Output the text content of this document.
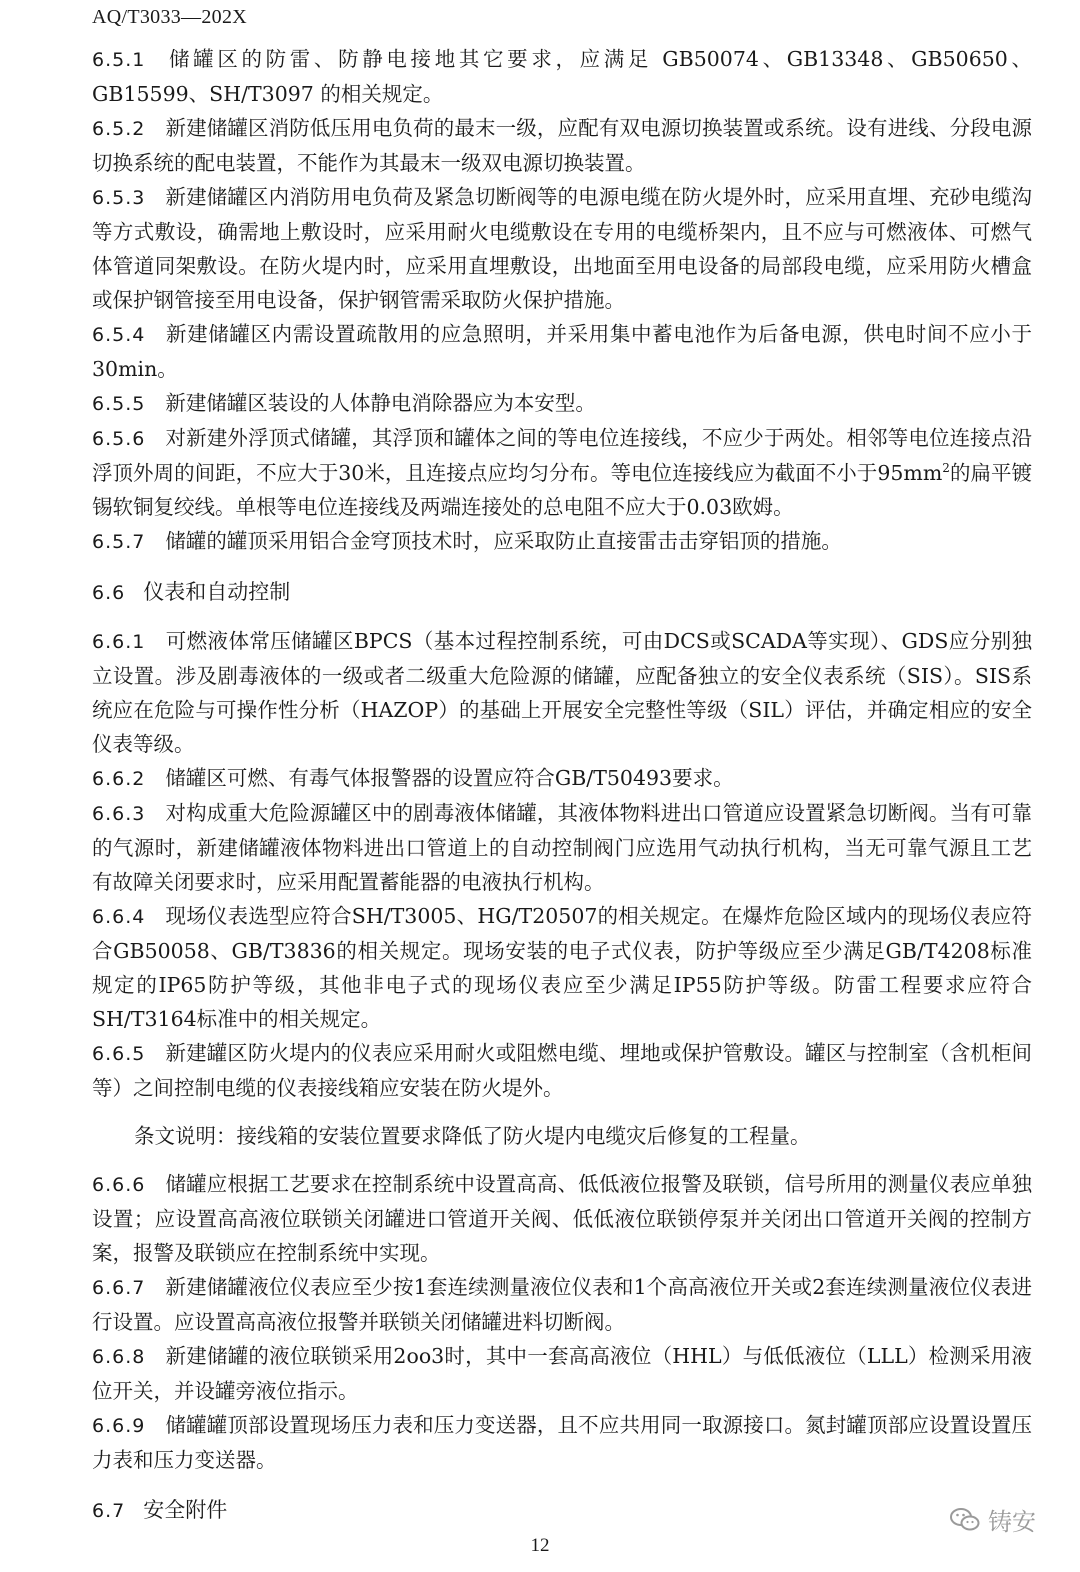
AQ/T3033—202X

6.5.1 储罐区的防雷、防静电接地其它要求，应满足 GB50074、GB13348、GB50650、GB15599、SH/T3097 的相关规定。

6.5.2 新建储罐区消防低压用电负荷的最末一级，应配有双电源切换装置或系统。设有进线、分段电源切换系统的配电装置，不能作为其最末一级双电源切换装置。

6.5.3 新建储罐区内消防用电负荷及紧急切断阀等的电源电缆在防火堤外时，应采用直埋、充砂电缆沟等方式敷设，确需地上敷设时，应采用耐火电缆敷设在专用的电缆桥架内，且不应与可燃液体、可燃气体管道同架敷设。在防火堤内时，应采用直埋敷设，出地面至用电设备的局部段电缆，应采用防火槽盒或保护钢管接至用电设备，保护钢管需采取防火保护措施。

6.5.4 新建储罐区内需设置疏散用的应急照明，并采用集中蓄电池作为后备电源，供电时间不应小于30min。

6.5.5 新建储罐区装设的人体静电消除器应为本安型。

6.5.6 对新建外浮顶式储罐，其浮顶和罐体之间的等电位连接线，不应少于两处。相邻等电位连接点沿浮顶外周的间距，不应大于30米，且连接点应均匀分布。等电位连接线应为截面不小于$95mm^2$的扁平镀锡软铜复绞线。单根等电位连接线及两端连接处的总电阻不应大于0.03欧姆。

6.5.7 储罐的罐顶采用铝合金穹顶技术时，应采取防止直接雷击击穿铝顶的措施。

6.6 仪表和自动控制

6.6.1 可燃液体常压储罐区BPCS（基本过程控制系统，可由DCS或SCADA等实现）、GDS应分别独立设置。涉及剧毒液体的一级或者二级重大危险源的储罐，应配备独立的安全仪表系统（SIS）。SIS系统应在危险与可操作性分析（HAZOP）的基础上开展安全完整性等级（SIL）评估，并确定相应的安全仪表等级。

6.6.2 储罐区可燃、有毒气体报警器的设置应符合GB/T50493要求。

6.6.3 对构成重大危险源罐区中的剧毒液体储罐，其液体物料进出口管道应设置紧急切断阀。当有可靠的气源时，新建储罐液体物料进出口管道上的自动控制阀门应选用气动执行机构，当无可靠气源且工艺有故障关闭要求时，应采用配置蓄能器的电液执行机构。

6.6.4 现场仪表选型应符合SH/T3005、HG/T20507的相关规定。在爆炸危险区域内的现场仪表应符合GB50058、GB/T3836的相关规定。现场安装的电子式仪表，防护等级应至少满足GB/T4208标准规定的IP65防护等级，其他非电子式的现场仪表应至少满足IP55防护等级。防雷工程要求应符合SH/T3164标准中的相关规定。

6.6.5 新建罐区防火堤内的仪表应采用耐火或阻燃电缆、埋地或保护管敷设。罐区与控制室（含机柜间等）之间控制电缆的仪表接线箱应安装在防火堤外。

条文说明：接线箱的安装位置要求降低了防火堤内电缆灾后修复的工程量。

6.6.6 储罐应根据工艺要求在控制系统中设置高高、低低液位报警及联锁，信号所用的测量仪表应单独设置；应设置高高液位联锁关闭罐进口管道开关阀、低低液位联锁停泵并关闭出口管道开关阀的控制方案，报警及联锁应在控制系统中实现。

6.6.7 新建储罐液位仪表应至少按1套连续测量液位仪表和1个高高液位开关或2套连续测量液位仪表进行设置。应设置高高液位报警并联锁关闭储罐进料切断阀。

6.6.8 新建储罐的液位联锁采用2oo3时，其中一套高高液位（HHL）与低低液位（LLL）检测采用液位开关，并设罐旁液位指示。

6.6.9 储罐罐顶部设置现场压力表和压力变送器，且不应共用同一取源接口。氮封罐顶部应设置设置压力表和压力变送器。

6.7 安全附件	铸安
12
